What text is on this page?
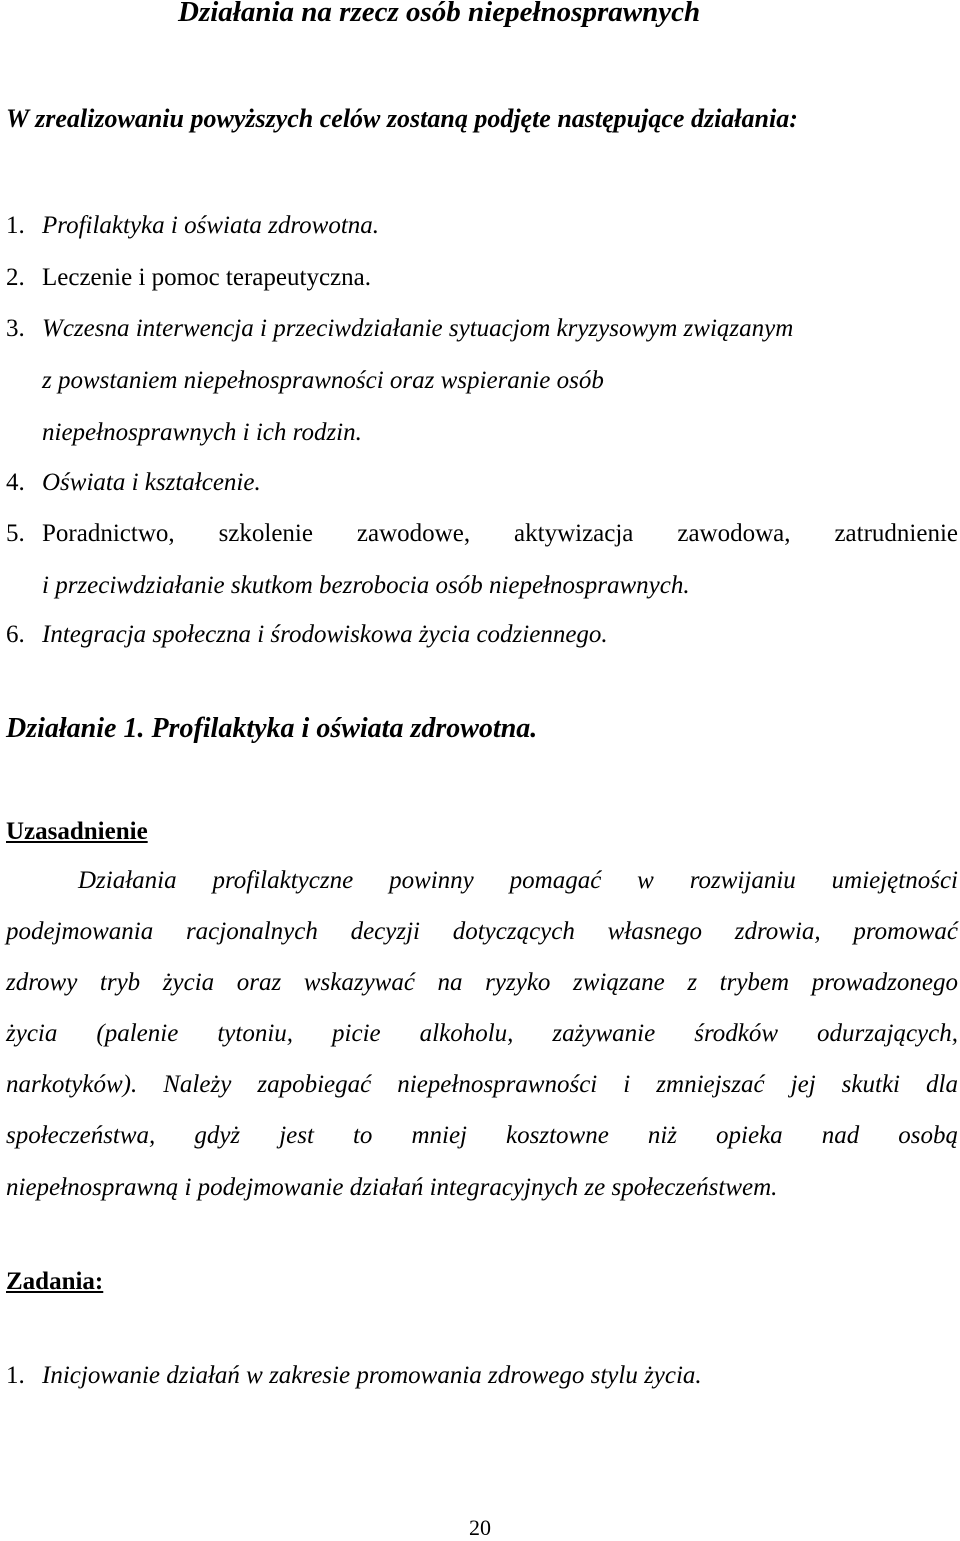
Działania na rzecz osób niepełnosprawnych
W zrealizowaniu powyższych celów zostaną podjęte następujące działania:
1. Profilaktyka i oświata zdrowotna.
2. Leczenie i pomoc terapeutyczna.
3. Wczesna interwencja i przeciwdziałanie sytuacjom kryzysowym związanym
z powstaniem niepełnosprawności oraz wspieranie osób
niepełnosprawnych i ich rodzin.
4. Oświata i kształcenie.
5. Poradnictwo, szkolenie zawodowe, aktywizacja zawodowa, zatrudnienie
i przeciwdziałanie skutkom bezrobocia osób niepełnosprawnych.
6. Integracja społeczna i środowiskowa życia codziennego.
Działanie 1. Profilaktyka i oświata zdrowotna.
Uzasadnienie
Działania profilaktyczne powinny pomagać w rozwijaniu umiejętności
podejmowania racjonalnych decyzji dotyczących własnego zdrowia, promować
zdrowy tryb życia oraz wskazywać na ryzyko związane z trybem prowadzonego
życia (palenie tytoniu, picie alkoholu, zażywanie środków odurzających,
narkotyków). Należy zapobiegać niepełnosprawności i zmniejszać jej skutki dla
społeczeństwa, gdyż jest to mniej kosztowne niż opieka nad osobą
niepełnosprawną i podejmowanie działań integracyjnych ze społeczeństwem.
Zadania:
1. Inicjowanie działań w zakresie promowania zdrowego stylu życia.
20
